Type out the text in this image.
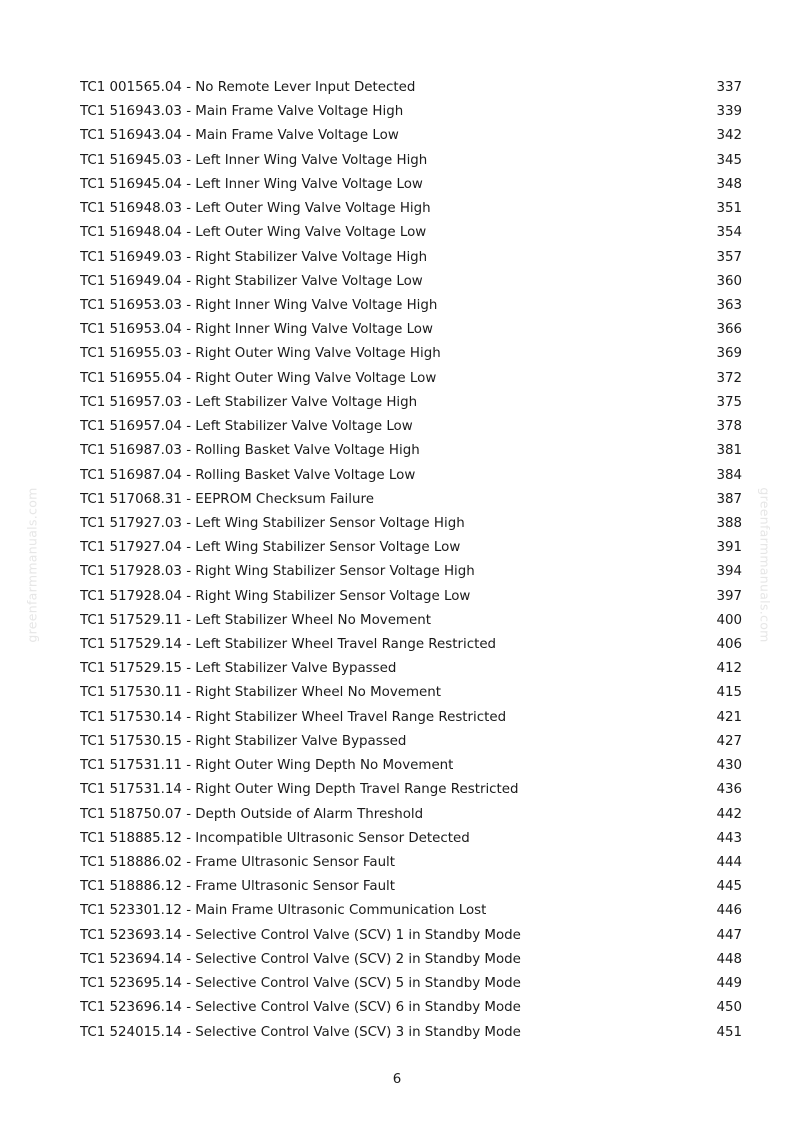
greenfarmmanuals.com	greenfarmmanuals.com
TC1 001565.04 - No Remote Lever Input Detected	337
TC1 516943.03 - Main Frame Valve Voltage High	339
TC1 516943.04 - Main Frame Valve Voltage Low	342
TC1 516945.03 - Left Inner Wing Valve Voltage High	345
TC1 516945.04 - Left Inner Wing Valve Voltage Low	348
TC1 516948.03 - Left Outer Wing Valve Voltage High	351
TC1 516948.04 - Left Outer Wing Valve Voltage Low	354
TC1 516949.03 - Right Stabilizer Valve Voltage High	357
TC1 516949.04 - Right Stabilizer Valve Voltage Low	360
TC1 516953.03 - Right Inner Wing Valve Voltage High	363
TC1 516953.04 - Right Inner Wing Valve Voltage Low	366
TC1 516955.03 - Right Outer Wing Valve Voltage High	369
TC1 516955.04 - Right Outer Wing Valve Voltage Low	372
TC1 516957.03 - Left Stabilizer Valve Voltage High	375
TC1 516957.04 - Left Stabilizer Valve Voltage Low	378
TC1 516987.03 - Rolling Basket Valve Voltage High	381
TC1 516987.04 - Rolling Basket Valve Voltage Low	384
TC1 517068.31 - EEPROM Checksum Failure	387
TC1 517927.03 - Left Wing Stabilizer Sensor Voltage High	388
TC1 517927.04 - Left Wing Stabilizer Sensor Voltage Low	391
TC1 517928.03 - Right Wing Stabilizer Sensor Voltage High	394
TC1 517928.04 - Right Wing Stabilizer Sensor Voltage Low	397
TC1 517529.11 - Left Stabilizer Wheel No Movement	400
TC1 517529.14 - Left Stabilizer Wheel Travel Range Restricted	406
TC1 517529.15 - Left Stabilizer Valve Bypassed	412
TC1 517530.11 - Right Stabilizer Wheel No Movement	415
TC1 517530.14 - Right Stabilizer Wheel Travel Range Restricted	421
TC1 517530.15 - Right Stabilizer Valve Bypassed	427
TC1 517531.11 - Right Outer Wing Depth No Movement	430
TC1 517531.14 - Right Outer Wing Depth Travel Range Restricted	436
TC1 518750.07 - Depth Outside of Alarm Threshold	442
TC1 518885.12 - Incompatible Ultrasonic Sensor Detected	443
TC1 518886.02 - Frame Ultrasonic Sensor Fault	444
TC1 518886.12 - Frame Ultrasonic Sensor Fault	445
TC1 523301.12 - Main Frame Ultrasonic Communication Lost	446
TC1 523693.14 - Selective Control Valve (SCV) 1 in Standby Mode	447
TC1 523694.14 - Selective Control Valve (SCV) 2 in Standby Mode	448
TC1 523695.14 - Selective Control Valve (SCV) 5 in Standby Mode	449
TC1 523696.14 - Selective Control Valve (SCV) 6 in Standby Mode	450
TC1 524015.14 - Selective Control Valve (SCV) 3 in Standby Mode	451
6
